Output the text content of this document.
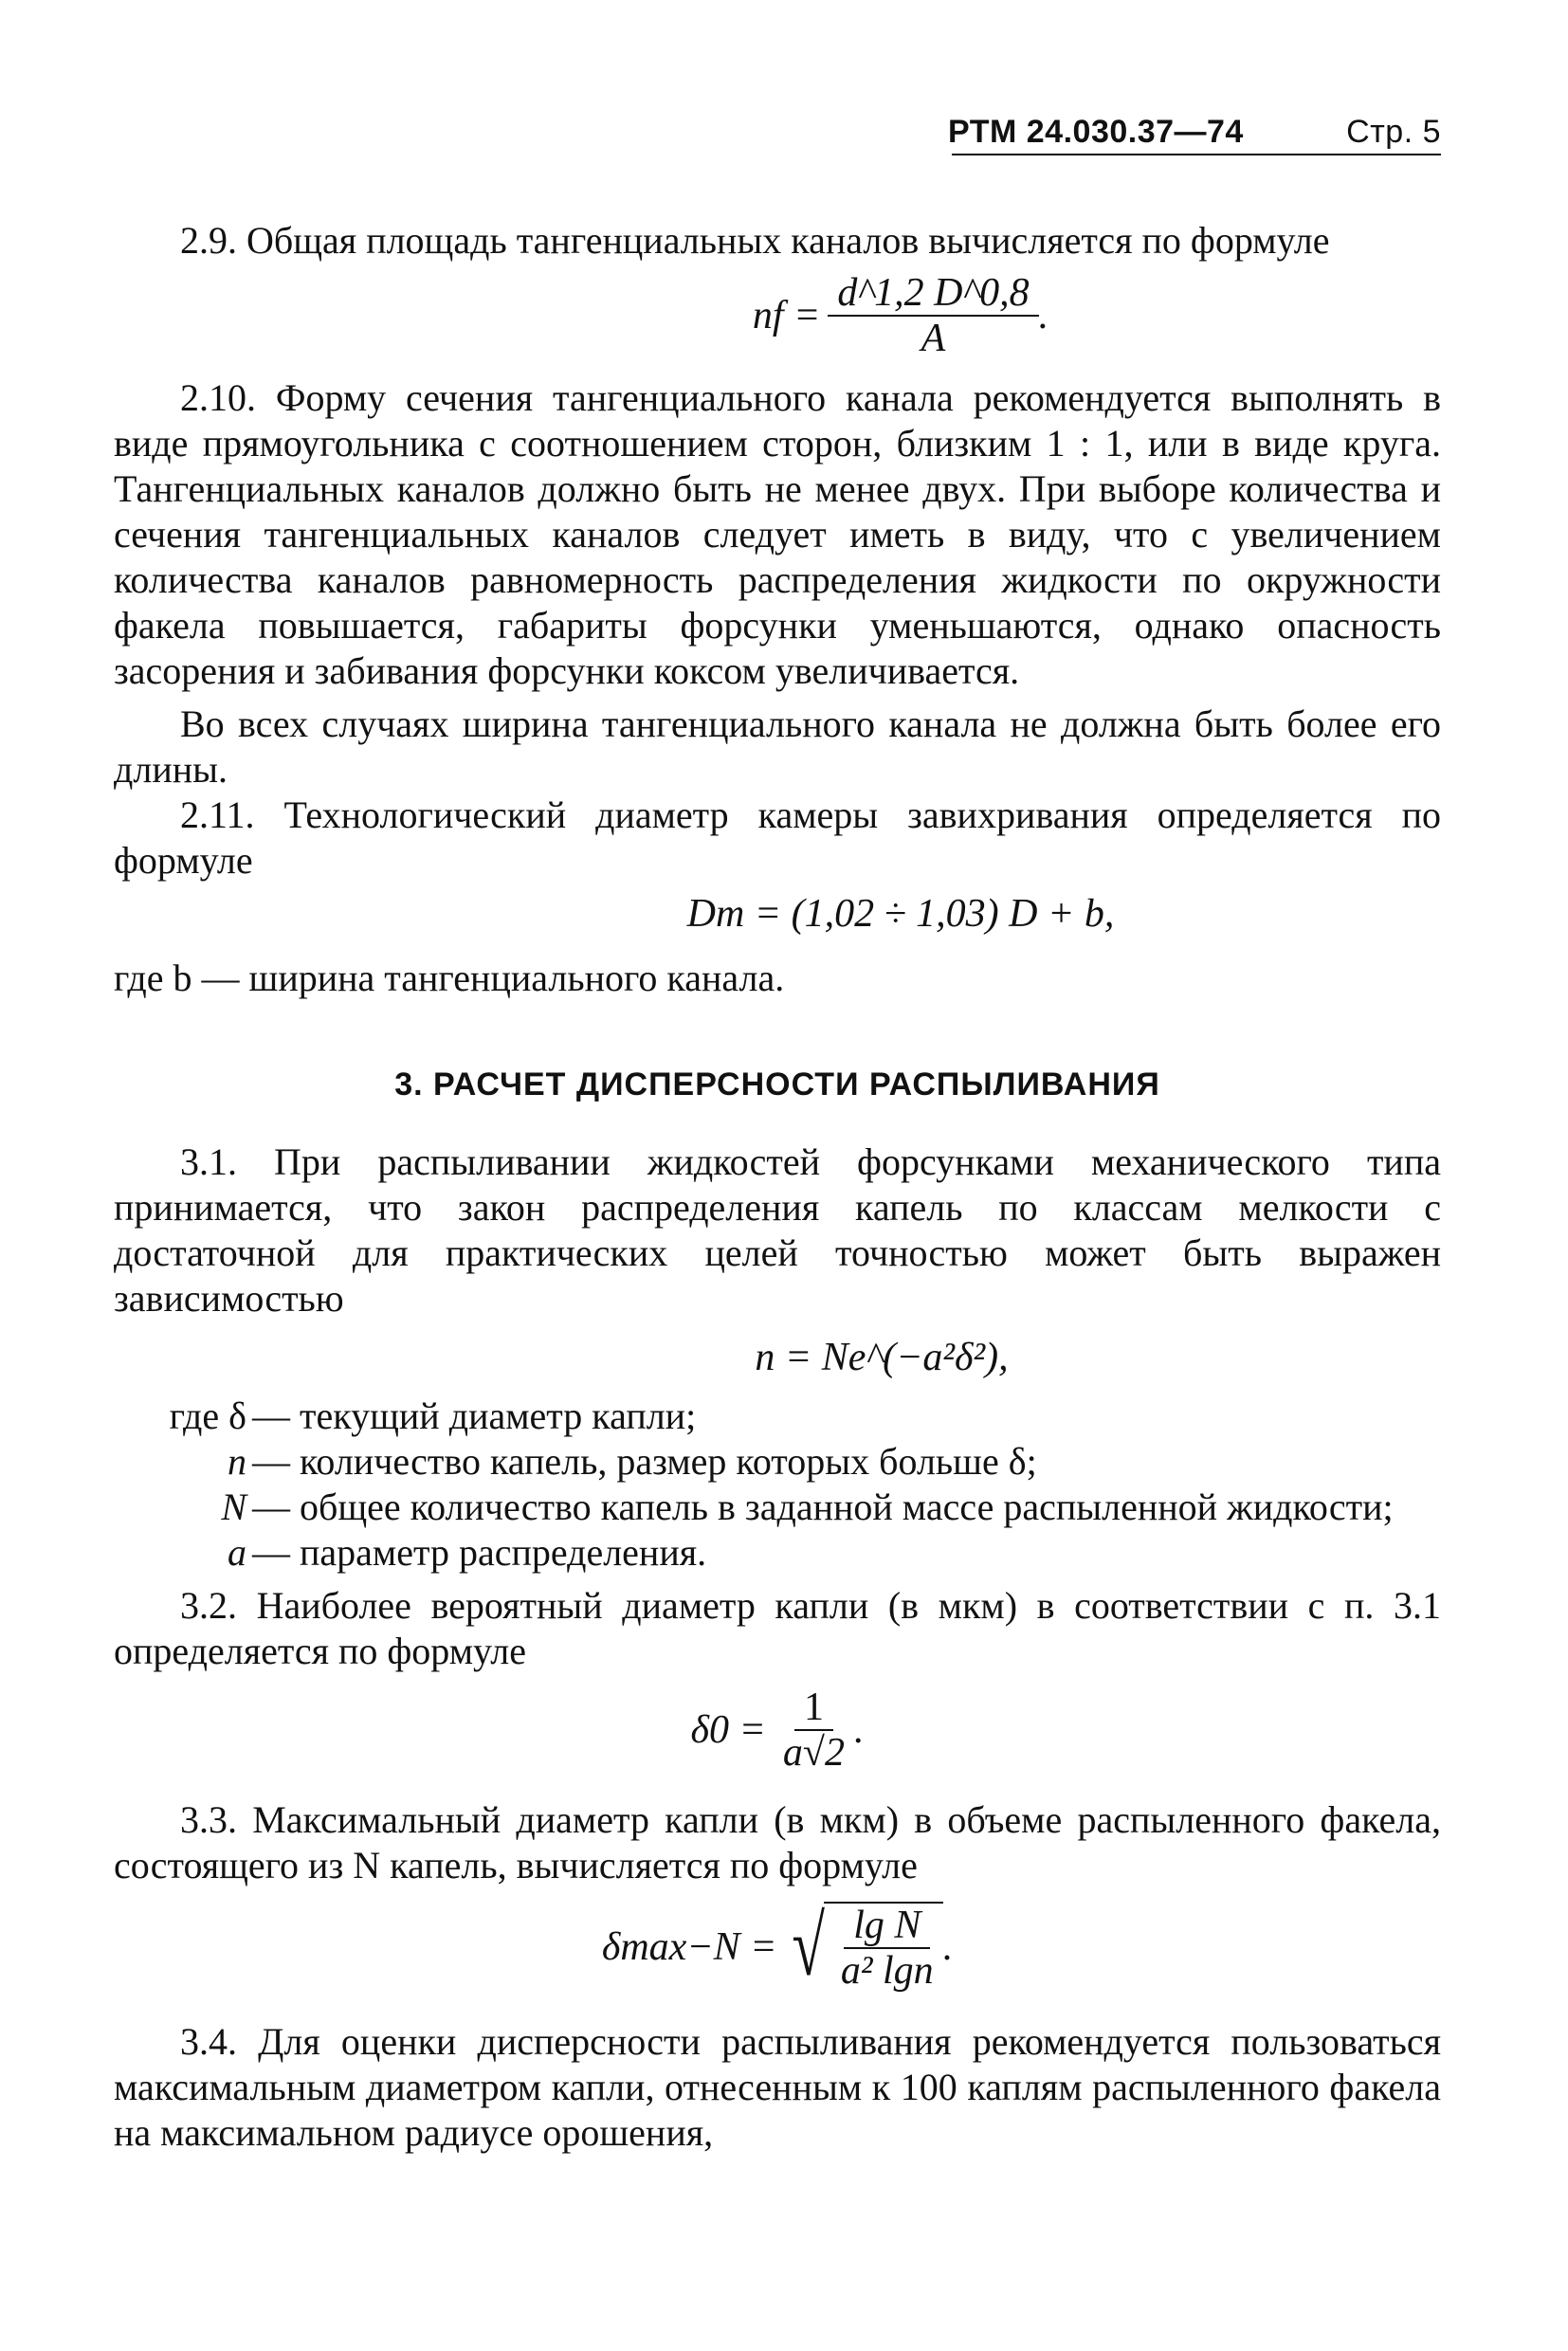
РТМ 24.030.37—74	Стр. 5

2.9. Общая площадь тангенциальных каналов вычисляется по формуле

nf = $\frac{d\^{}1,2 D\^{}0,8}{A}$ .

2.10. Форму сечения тангенциального канала рекомендуется выполнять в виде прямоугольника с соотношением сторон, близким 1 : 1, или в виде круга. Тангенциальных каналов должно быть не менее двух. При выборе количества и сечения тангенциальных каналов следует иметь в виду, что с увеличением количества каналов равномерность распределения жидкости по окружности факела повышается, габариты форсунки уменьшаются, однако опасность засорения и забивания форсунки коксом увеличивается.

Во всех случаях ширина тангенциального канала не должна быть более его длины.

2.11. Технологический диаметр камеры завихривания определяется по формуле

Dт = (1,02 ÷ 1,03) D + b,

где b — ширина тангенциального канала.

3. РАСЧЕТ ДИСПЕРСНОСТИ РАСПЫЛИВАНИЯ

3.1. При распыливании жидкостей форсунками механического типа принимается, что закон распределения капель по классам мелкости с достаточной для практических целей точностью может быть выражен зависимостью

n = Ne^(−a²δ²),
где δ — текущий диаметр капли;
n — количество капель, размер которых больше δ;
N — общее количество капель в заданной массе распыленной жидкости;
a — параметр распределения.

3.2. Наиболее вероятный диаметр капли (в мкм) в соответствии с п. 3.1 определяется по формуле

$\delta 0 = \frac{1}{a√2}$ .

3.3. Максимальный диаметр капли (в мкм) в объеме распыленного факела, состоящего из N капель, вычисляется по формуле

δmax−N = √ $\frac{\text{lg N}}{\text{a² lgn}}$ .

3.4. Для оценки дисперсности распыливания рекомендуется пользоваться максимальным диаметром капли, отнесенным к 100 каплям распыленного факела на максимальном радиусе орошения,
